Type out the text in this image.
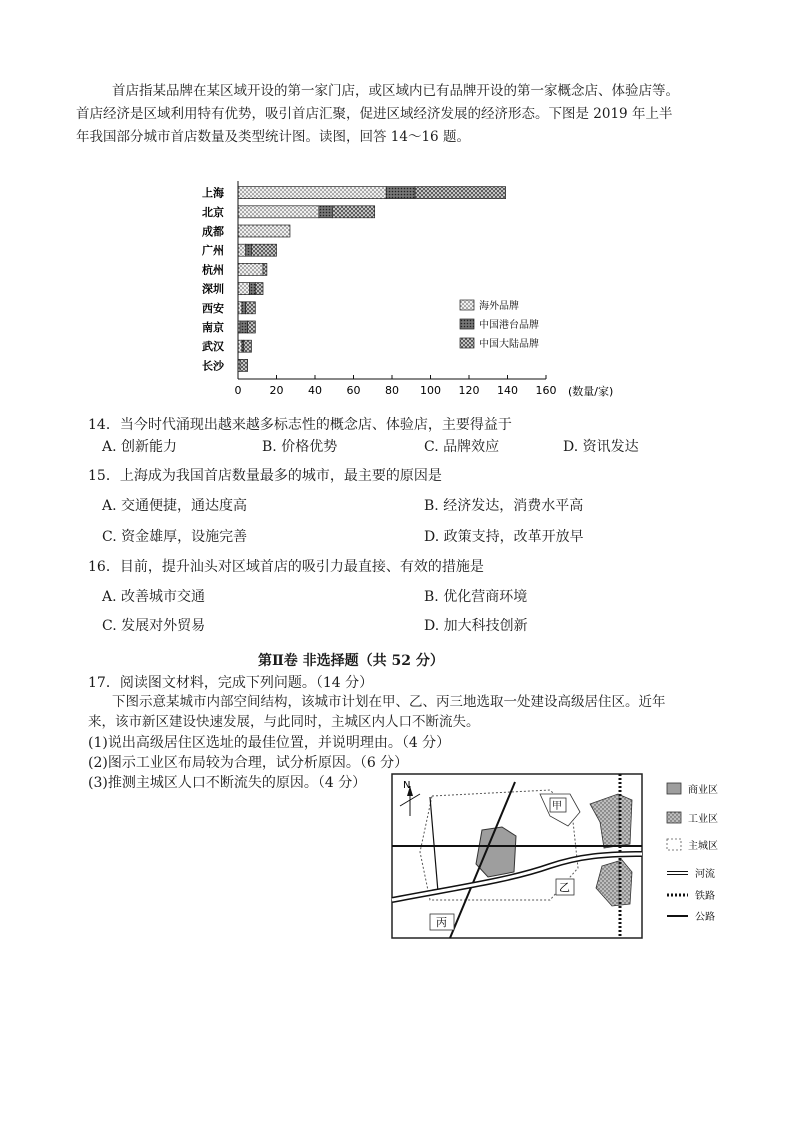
首店指某品牌在某区域开设的第一家门店，或区域内已有品牌开设的第一家概念店、体验店等。
首店经济是区域利用特有优势，吸引首店汇聚，促进区域经济发展的经济形态。下图是 2019 年上半
年我国部分城市首店数量及类型统计图。读图，回答 14～16 题。
上海
北京
成都
广州
杭州
深圳
西安
南京
武汉
长沙
0	20 40 60 80 100 120 140 160 (数量/家)
海外品牌
中国港台品牌
中国大陆品牌
14．当今时代涌现出越来越多标志性的概念店、体验店，主要得益于
A. 创新能力	B. 价格优势	C. 品牌效应	D. 资讯发达
15．上海成为我国首店数量最多的城市，最主要的原因是
A. 交通便捷，通达度高	B. 经济发达，消费水平高
C. 资金雄厚，设施完善	D. 政策支持，改革开放早
16．目前，提升汕头对区域首店的吸引力最直接、有效的措施是
A. 改善城市交通	B. 优化营商环境
C. 发展对外贸易	D. 加大科技创新
第Ⅱ卷 非选择题（共 52 分）
17．阅读图文材料，完成下列问题。（14 分）
下图示意某城市内部空间结构，该城市计划在甲、乙、丙三地选取一处建设高级居住区。近年
来，该市新区建设快速发展，与此同时，主城区内人口不断流失。
(1)说出高级居住区选址的最佳位置，并说明理由。（4 分）
(2)图示工业区布局较为合理，试分析原因。（6 分）
(3)推测主城区人口不断流失的原因。（4 分）	N
甲
乙
丙
商业区
工业区
主城区
河流
铁路
公路
